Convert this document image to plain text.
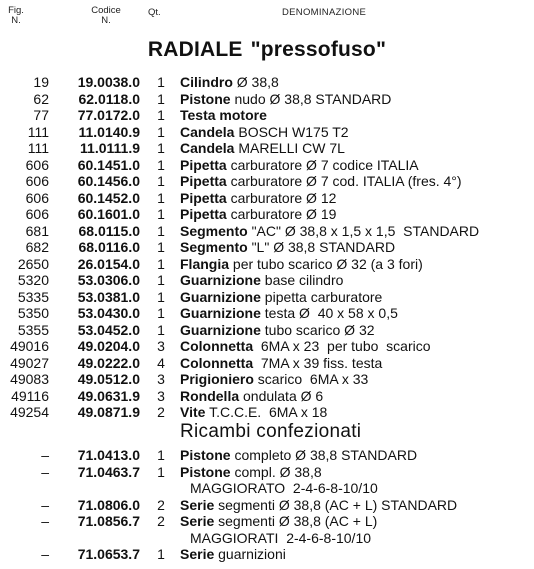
Fig.
N.
Codice
N.
Qt.	DENOMINAZIONE
RADIALE "pressofuso"
19	19.0038.0 1 Cilindro Ø 38,8
62	62.0118.0 1 Pistone nudo Ø 38,8 STANDARD
77	77.0172.0 1 Testa motore
111	11.0140.9 1 Candela BOSCH W175 T2
111	11.0111.9 1 Candela MARELLI CW 7L
606	60.1451.0 1 Pipetta carburatore Ø 7 codice ITALIA
606	60.1456.0 1 Pipetta carburatore Ø 7 cod. ITALIA (fres. 4°)
606	60.1452.0 1 Pipetta carburatore Ø 12
606	60.1601.0 1 Pipetta carburatore Ø 19
681	68.0115.0 1 Segmento "AC" Ø 38,8 x 1,5 x 1,5  STANDARD
682	68.0116.0 1 Segmento "L" Ø 38,8 STANDARD
2650	26.0154.0 1 Flangia per tubo scarico Ø 32 (a 3 fori)
5320	53.0306.0 1 Guarnizione base cilindro
5335	53.0381.0 1 Guarnizione pipetta carburatore
5350	53.0430.0 1 Guarnizione testa Ø  40 x 58 x 0,5
5355	53.0452.0 1 Guarnizione tubo scarico Ø 32
49016	49.0204.0 3 Colonnetta  6MA x 23  per tubo  scarico
49027	49.0222.0 4 Colonnetta  7MA x 39 fiss. testa
49083	49.0512.0 3 Prigioniero scarico  6MA x 33
49116	49.0631.9 3 Rondella ondulata Ø 6
49254	49.0871.9 2 Vite T.C.C.E.  6MA x 18
Ricambi confezionati
–	71.0413.0 1 Pistone completo Ø 38,8 STANDARD
–	71.0463.7 1 Pistone compl. Ø 38,8
MAGGIORATO  2-4-6-8-10/10
–	71.0806.0 2 Serie segmenti Ø 38,8 (AC + L) STANDARD
–	71.0856.7 2 Serie segmenti Ø 38,8 (AC + L)
MAGGIORATI  2-4-6-8-10/10
–	71.0653.7 1 Serie guarnizioni
